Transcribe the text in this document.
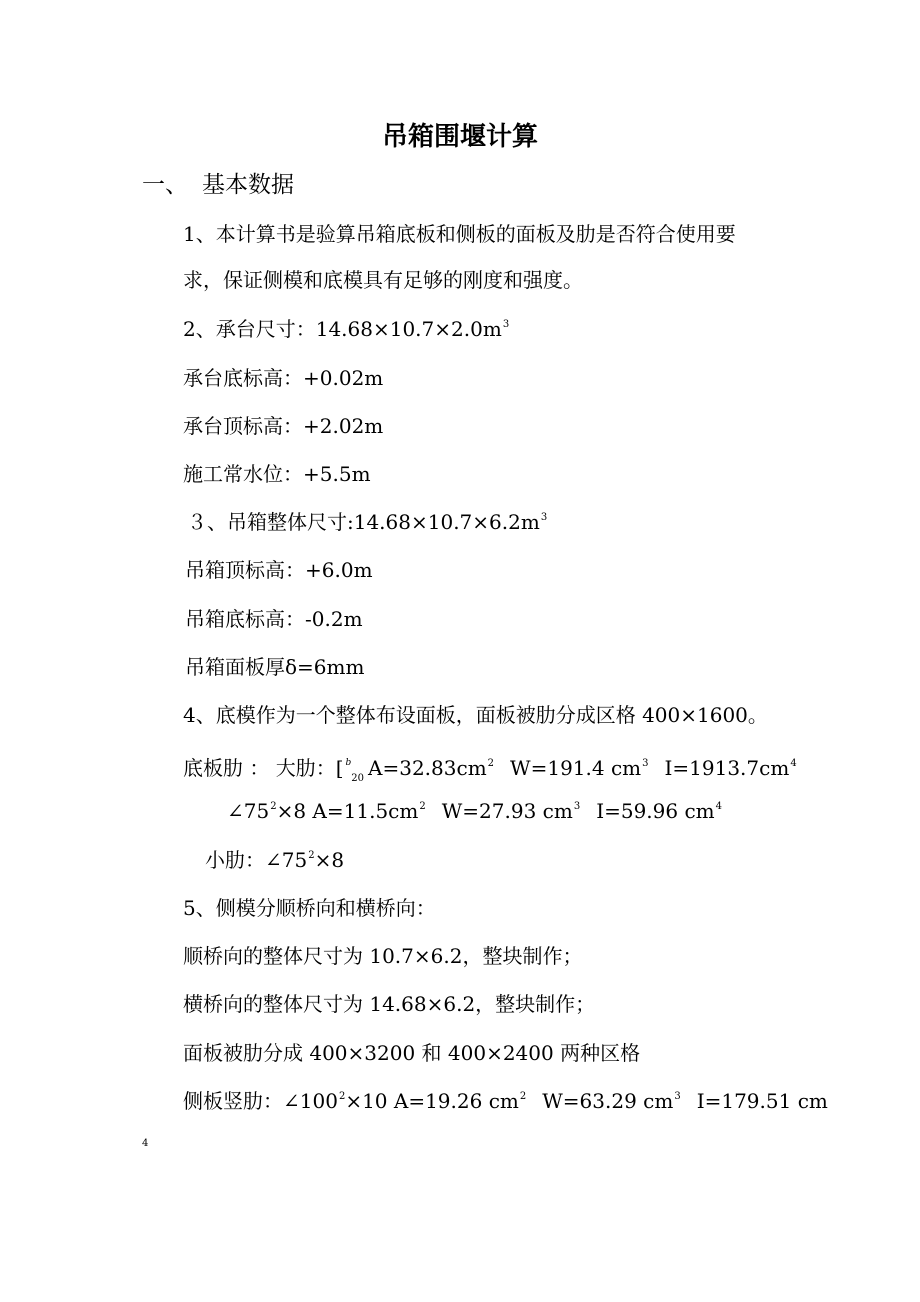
吊箱围堰计算
一、 基本数据
1、本计算书是验算吊箱底板和侧板的面板及肋是否符合使用要
求，保证侧模和底模具有足够的刚度和强度。
2、承台尺寸：$14.68\times 10.7\times 2.0m^3$
承台底标高：+0.02m
承台顶标高：+2.02m
施工常水位：+5.5m
３、吊箱整体尺寸$:14.68\times 10.7\times 6.2m^3$
吊箱顶标高：+6.0m
吊箱底标高：-0.2m
吊箱面板厚δ=6mm
4、底模作为一个整体布设面板，面板被肋分成区格 400×1600。
底板肋 ： 大肋：[ $^b_{20}$ $A=32.83cm^2$ W=191.4 $cm^3$ $I=1913.7cm^4$
$\angle 75^2\times 8$ $A=11.5cm^2$ W=27.93 $cm^3$ I=59.96 $cm^4$
小肋：$\angle 75^2\times 8$
5、侧模分顺桥向和横桥向：
顺桥向的整体尺寸为 10.7×6.2，整块制作；
横桥向的整体尺寸为 14.68×6.2，整块制作；
面板被肋分成 400×3200 和 400×2400 两种区格
侧板竖肋：$\angle 100^2\times 10$ A=19.26 $cm^2$ W=63.29 $cm^3$ I=179.51 cm
4
